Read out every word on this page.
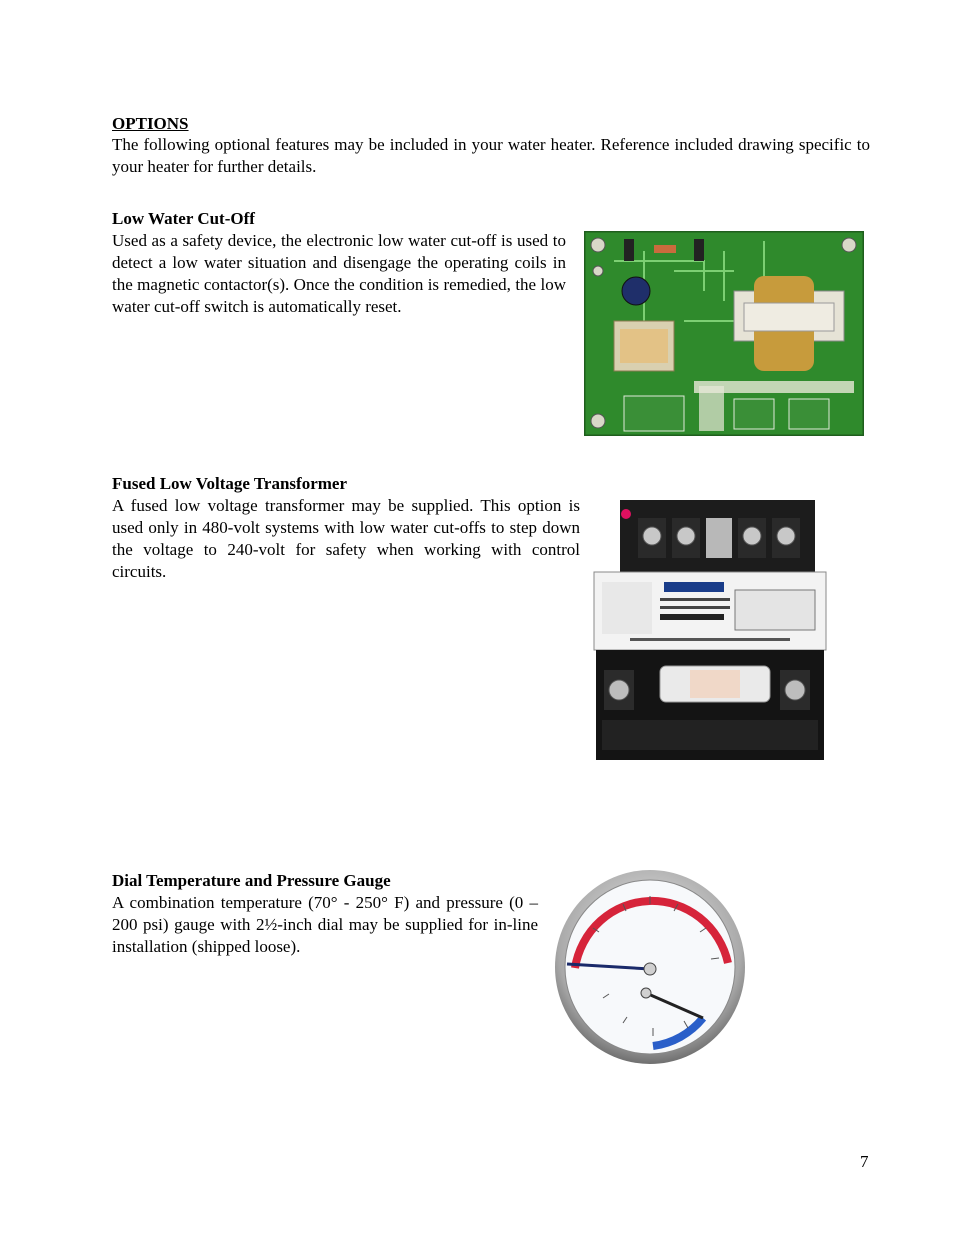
OPTIONS
The following optional features may be included in your water heater. Reference included drawing specific to your heater for further details.
Low Water Cut-Off
Used as a safety device, the electronic low water cut-off is used to detect a low water situation and disengage the operating coils in the magnetic contactor(s). Once the condition is remedied, the low water cut-off switch is automatically reset.
Fused Low Voltage Transformer
A fused low voltage transformer may be supplied. This option is used only in 480-volt systems with low water cut-offs to step down the voltage to 240-volt for safety when working with control circuits.
Dial Temperature and Pressure Gauge
A combination temperature (70° - 250° F) and pressure (0 – 200 psi) gauge with 2½-inch dial may be supplied for in-line installation (shipped loose).
7
